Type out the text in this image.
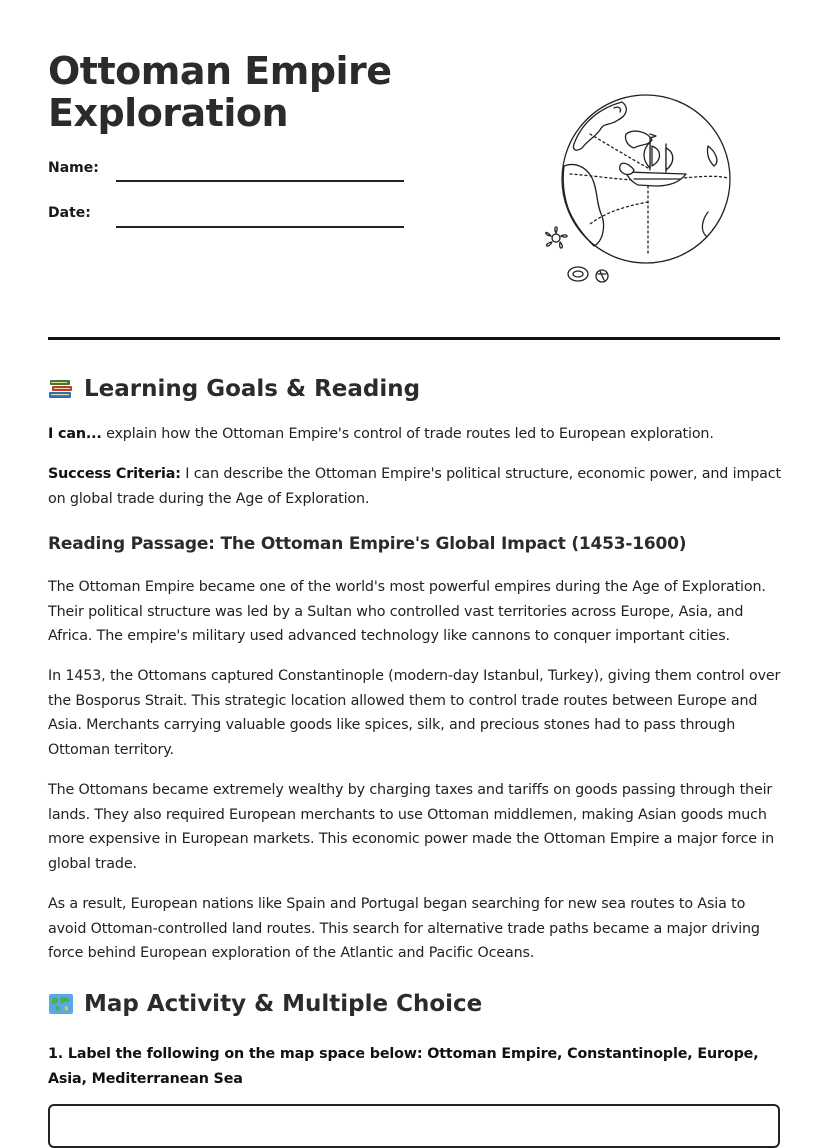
Ottoman Empire
Exploration
Name:
Date:
Learning Goals & Reading

I can... explain how the Ottoman Empire's control of trade routes led to European exploration.

Success Criteria: I can describe the Ottoman Empire's political structure, economic power, and impact on global trade during the Age of Exploration.

Reading Passage: The Ottoman Empire's Global Impact (1453-1600)

The Ottoman Empire became one of the world's most powerful empires during the Age of Exploration. Their political structure was led by a Sultan who controlled vast territories across Europe, Asia, and Africa. The empire's military used advanced technology like cannons to conquer important cities.

In 1453, the Ottomans captured Constantinople (modern-day Istanbul, Turkey), giving them control over the Bosporus Strait. This strategic location allowed them to control trade routes between Europe and Asia. Merchants carrying valuable goods like spices, silk, and precious stones had to pass through Ottoman territory.

The Ottomans became extremely wealthy by charging taxes and tariffs on goods passing through their lands. They also required European merchants to use Ottoman middlemen, making Asian goods much more expensive in European markets. This economic power made the Ottoman Empire a major force in global trade.

As a result, European nations like Spain and Portugal began searching for new sea routes to Asia to avoid Ottoman-controlled land routes. This search for alternative trade paths became a major driving force behind European exploration of the Atlantic and Pacific Oceans.

Map Activity & Multiple Choice

1. Label the following on the map space below: Ottoman Empire, Constantinople, Europe, Asia, Mediterranean Sea
